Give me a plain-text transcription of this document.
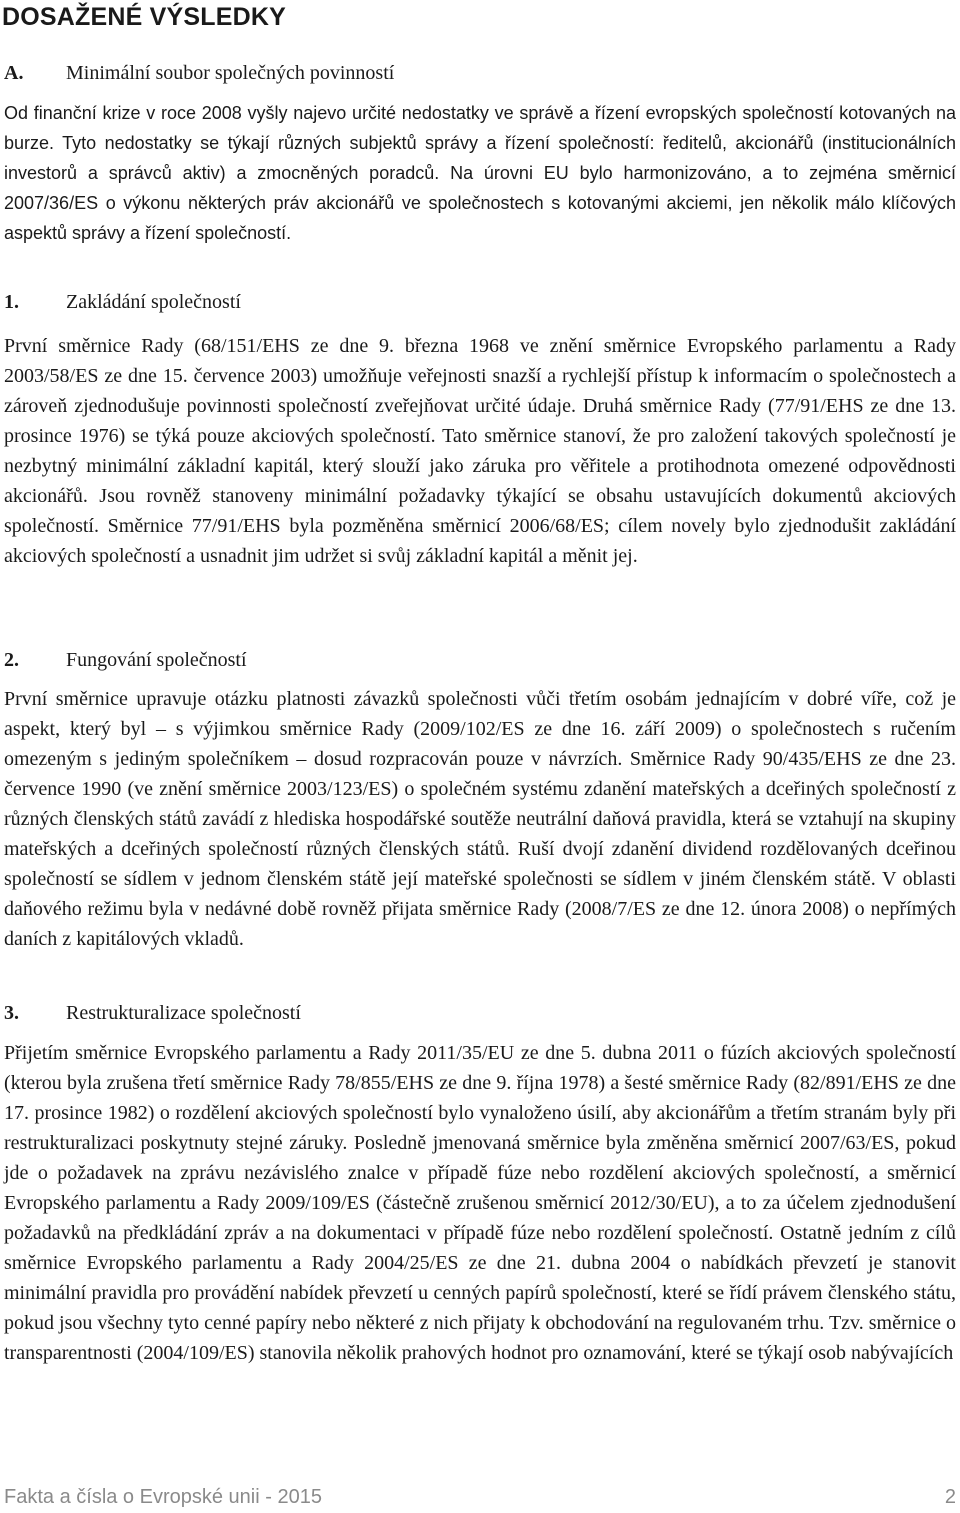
DOSAŽENÉ VÝSLEDKY
A. Minimální soubor společných povinností

Od finanční krize v roce 2008 vyšly najevo určité nedostatky ve správě a řízení evropských společností kotovaných na burze. Tyto nedostatky se týkají různých subjektů správy a řízení společností: ředitelů, akcionářů (institucionálních investorů a správců aktiv) a zmocněných poradců. Na úrovni EU bylo harmonizováno, a to zejména směrnicí 2007/36/ES o výkonu některých práv akcionářů ve společnostech s kotovanými akciemi, jen několik málo klíčových aspektů správy a řízení společností.

1. Zakládání společností

První směrnice Rady (68/151/EHS ze dne 9. března 1968 ve znění směrnice Evropského parlamentu a Rady 2003/58/ES ze dne 15. července 2003) umožňuje veřejnosti snazší a rychlejší přístup k informacím o společnostech a zároveň zjednodušuje povinnosti společností zveřejňovat určité údaje. Druhá směrnice Rady (77/91/EHS ze dne 13. prosince 1976) se týká pouze akciových společností. Tato směrnice stanoví, že pro založení takových společností je nezbytný minimální základní kapitál, který slouží jako záruka pro věřitele a protihodnota omezené odpovědnosti akcionářů. Jsou rovněž stanoveny minimální požadavky týkající se obsahu ustavujících dokumentů akciových společností. Směrnice 77/91/EHS byla pozměněna směrnicí 2006/68/ES; cílem novely bylo zjednodušit zakládání akciových společností a usnadnit jim udržet si svůj základní kapitál a měnit jej.

2. Fungování společností

První směrnice upravuje otázku platnosti závazků společnosti vůči třetím osobám jednajícím v dobré víře, což je aspekt, který byl – s výjimkou směrnice Rady (2009/102/ES ze dne 16. září 2009) o společnostech s ručením omezeným s jediným společníkem – dosud rozpracován pouze v návrzích. Směrnice Rady 90/435/EHS ze dne 23. července 1990 (ve znění směrnice 2003/123/ES) o společném systému zdanění mateřských a dceřiných společností z různých členských států zavádí z hlediska hospodářské soutěže neutrální daňová pravidla, která se vztahují na skupiny mateřských a dceřiných společností různých členských států. Ruší dvojí zdanění dividend rozdělovaných dceřinou společností se sídlem v jednom členském státě její mateřské společnosti se sídlem v jiném členském státě. V oblasti daňového režimu byla v nedávné době rovněž přijata směrnice Rady (2008/7/ES ze dne 12. února 2008) o nepřímých daních z kapitálových vkladů.

3. Restrukturalizace společností

Přijetím směrnice Evropského parlamentu a Rady 2011/35/EU ze dne 5. dubna 2011 o fúzích akciových společností (kterou byla zrušena třetí směrnice Rady 78/855/EHS ze dne 9. října 1978) a šesté směrnice Rady (82/891/EHS ze dne 17. prosince 1982) o rozdělení akciových společností bylo vynaloženo úsilí, aby akcionářům a třetím stranám byly při restrukturalizaci poskytnuty stejné záruky. Posledně jmenovaná směrnice byla změněna směrnicí 2007/63/ES, pokud jde o požadavek na zprávu nezávislého znalce v případě fúze nebo rozdělení akciových společností, a směrnicí Evropského parlamentu a Rady 2009/109/ES (částečně zrušenou směrnicí 2012/30/EU), a to za účelem zjednodušení požadavků na předkládání zpráv a na dokumentaci v případě fúze nebo rozdělení společností. Ostatně jedním z cílů směrnice Evropského parlamentu a Rady 2004/25/ES ze dne 21. dubna 2004 o nabídkách převzetí je stanovit minimální pravidla pro provádění nabídek převzetí u cenných papírů společností, které se řídí právem členského státu, pokud jsou všechny tyto cenné papíry nebo některé z nich přijaty k obchodování na regulovaném trhu. Tzv. směrnice o transparentnosti (2004/109/ES) stanovila několik prahových hodnot pro oznamování, které se týkají osob nabývajících

Fakta a čísla o Evropské unii - 2015	2
